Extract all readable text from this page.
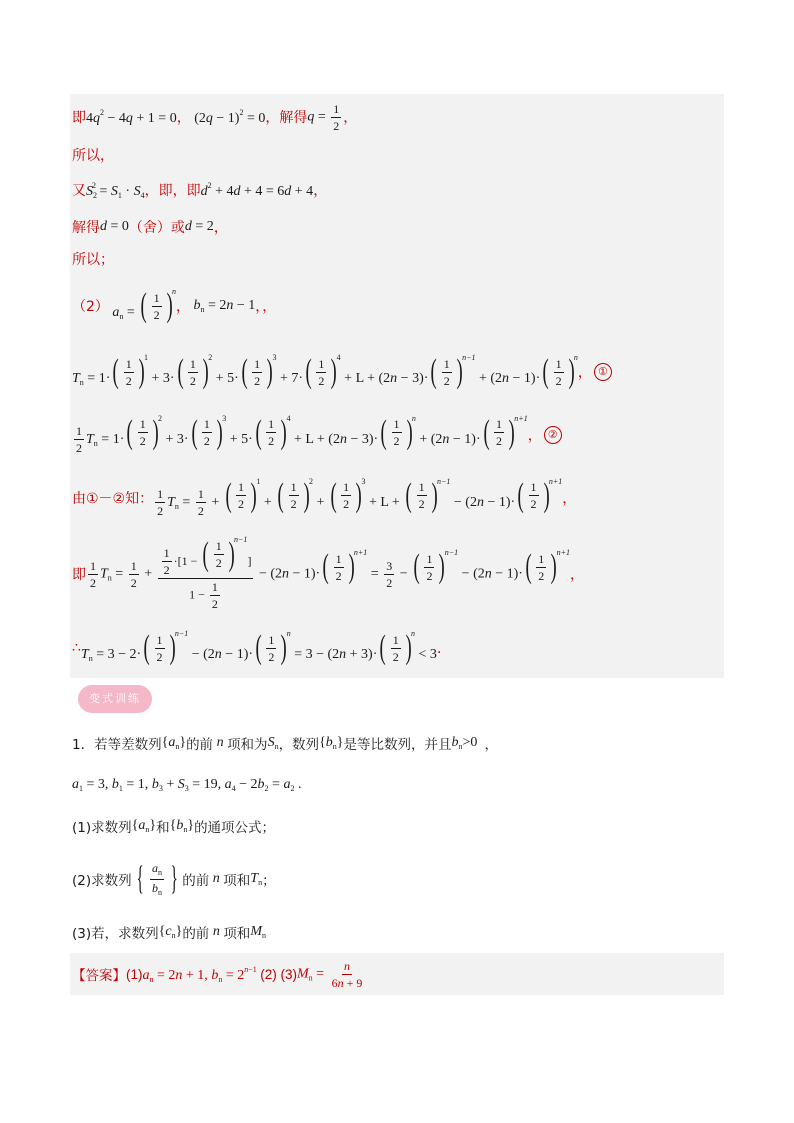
即 $4q^2 - 4q + 1 = 0$ ， $(2q - 1)^2 = 0$ ，解得 $q = \frac{1}{2}$ ，
所以，
又 $S_2^2 = S_1 \cdot S_4$ ，即，即 $d^2 + 4d + 4 = 6d + 4$ ，
解得 d = 0 （舍）或 d = 2 ，
所以；
（2） $a_n$ = ( $\frac{1}{2}$ ) n
， $b_n = 2n - 1$ ，，
$T_n = 1\cdot$ ( $\frac{1}{2}$ ) 1
+ 3· ( $\frac{1}{2}$ ) 2
+ 5· ( $\frac{1}{2}$ ) 3
+ 7· ( $\frac{1}{2}$ ) 4
+ L + (2n − 3)· ( $\frac{1}{2}$ ) n−1
+ (2n − 1)· ( $\frac{1}{2}$ ) n
， ①
$\frac{1}{2} T_n = 1\cdot$ ( $\frac{1}{2}$ ) 2
+ 3· ( $\frac{1}{2}$ ) 3
+ 5· ( $\frac{1}{2}$ ) 4
+ L + (2n − 3)· ( $\frac{1}{2}$ ) n
+ (2n − 1)· ( $\frac{1}{2}$ ) n+1
， ②
由①－②知： $\frac{1}{2} T_n = \frac{1}{2}$ + ( $\frac{1}{2}$ ) 1
+ ( $\frac{1}{2}$ ) 2
+ ( $\frac{1}{2}$ ) 3
+ L + ( $\frac{1}{2}$ ) n−1
− (2n − 1)· ( $\frac{1}{2}$ ) n+1
，
即 $\frac{1}{2} T_n = \frac{1}{2} + \frac{1}{2} \cdot[1$ − ( $\frac{1}{2}$ ) n−1
]
$1 - \frac{1}{2} - (2n - 1)\cdot$ ( $\frac{1}{2}$ ) n+1
= $\frac{3}{2}$ − ( $\frac{1}{2}$ ) n−1
− (2n − 1)· ( $\frac{1}{2}$ ) n+1
，
∴ $T_n = 3 - 2\cdot$ ( $\frac{1}{2}$ ) n−1
− (2n − 1)· ( $\frac{1}{2}$ ) n
= 3 − (2n + 3)· ( $\frac{1}{2}$ ) n
< 3 ．
变式训练
1．若等差数列 $\{a_n\}$ 的前 n 项和为 $S_n$ ，数列 $\{b_n\}$ 是等比数列，并且 $b_n>0$ ，
$a_1 = 3$, $b_1 = 1$, $b_3 + S_3 = 19$, $a_4 - 2b_2 = a_2$ .
(1)求数列 $\{a_n\}$ 和 $\{b_n\}$ 的通项公式；
(2)求数列 { $\frac{a_n}{b_n}$ } 的前 n 项和 $T_n$ ；
(3)若，求数列 $\{c_n\}$ 的前 n 项和 $M_n$
【答案】 (1) $a_n = 2n + 1$, $b_n = 2^{n-1}$ (2)
(3) $M_n = \frac{n}{6n + 9}$
